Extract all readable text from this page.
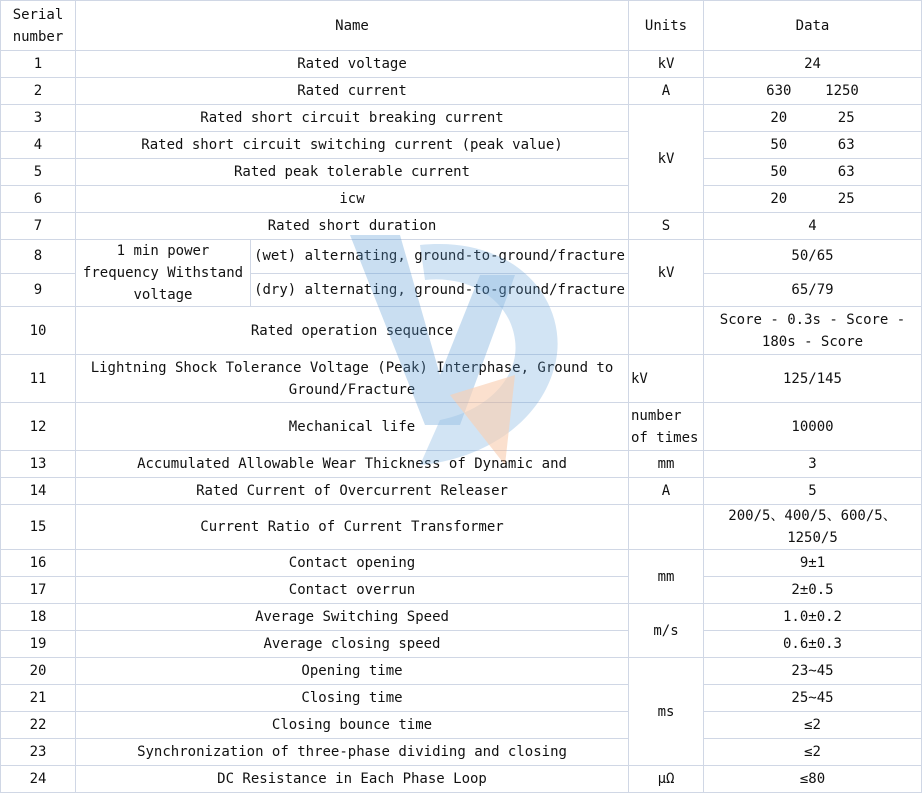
Serial number	Name		Units	Data
1	Rated voltage		kV	24
2	Rated current		A	630    1250
3	Rated short circuit breaking current		kV	20      25
4	Rated short circuit switching current (peak value)			50      63
5	Rated peak tolerable current			50      63
6	icw			20      25
7	Rated short duration		S	4
8	1 min power frequency Withstand voltage	(wet) alternating, ground-to-ground/fracture	kV	50/65
9		(dry) alternating, ground-to-ground/fracture		65/79
10	Rated operation sequence			Score - 0.3s - Score - 180s - Score
11	Lightning Shock Tolerance Voltage (Peak) Interphase, Ground to Ground/Fracture		kV	125/145
12	Mechanical life		number of times	10000
13	Accumulated Allowable Wear Thickness of Dynamic and		mm	3
14	Rated Current of Overcurrent Releaser		A	5
15	Current Ratio of Current Transformer			200/5、400/5、600/5、1250/5
16	Contact opening		mm	9±1
17	Contact overrun			2±0.5
18	Average Switching Speed		m/s	1.0±0.2
19	Average closing speed			0.6±0.3
20	Opening time		ms	23~45
21	Closing time			25~45
22	Closing bounce time			≤2
23	Synchronization of three-phase dividing and closing			≤2
24	DC Resistance in Each Phase Loop		μΩ	≤80
